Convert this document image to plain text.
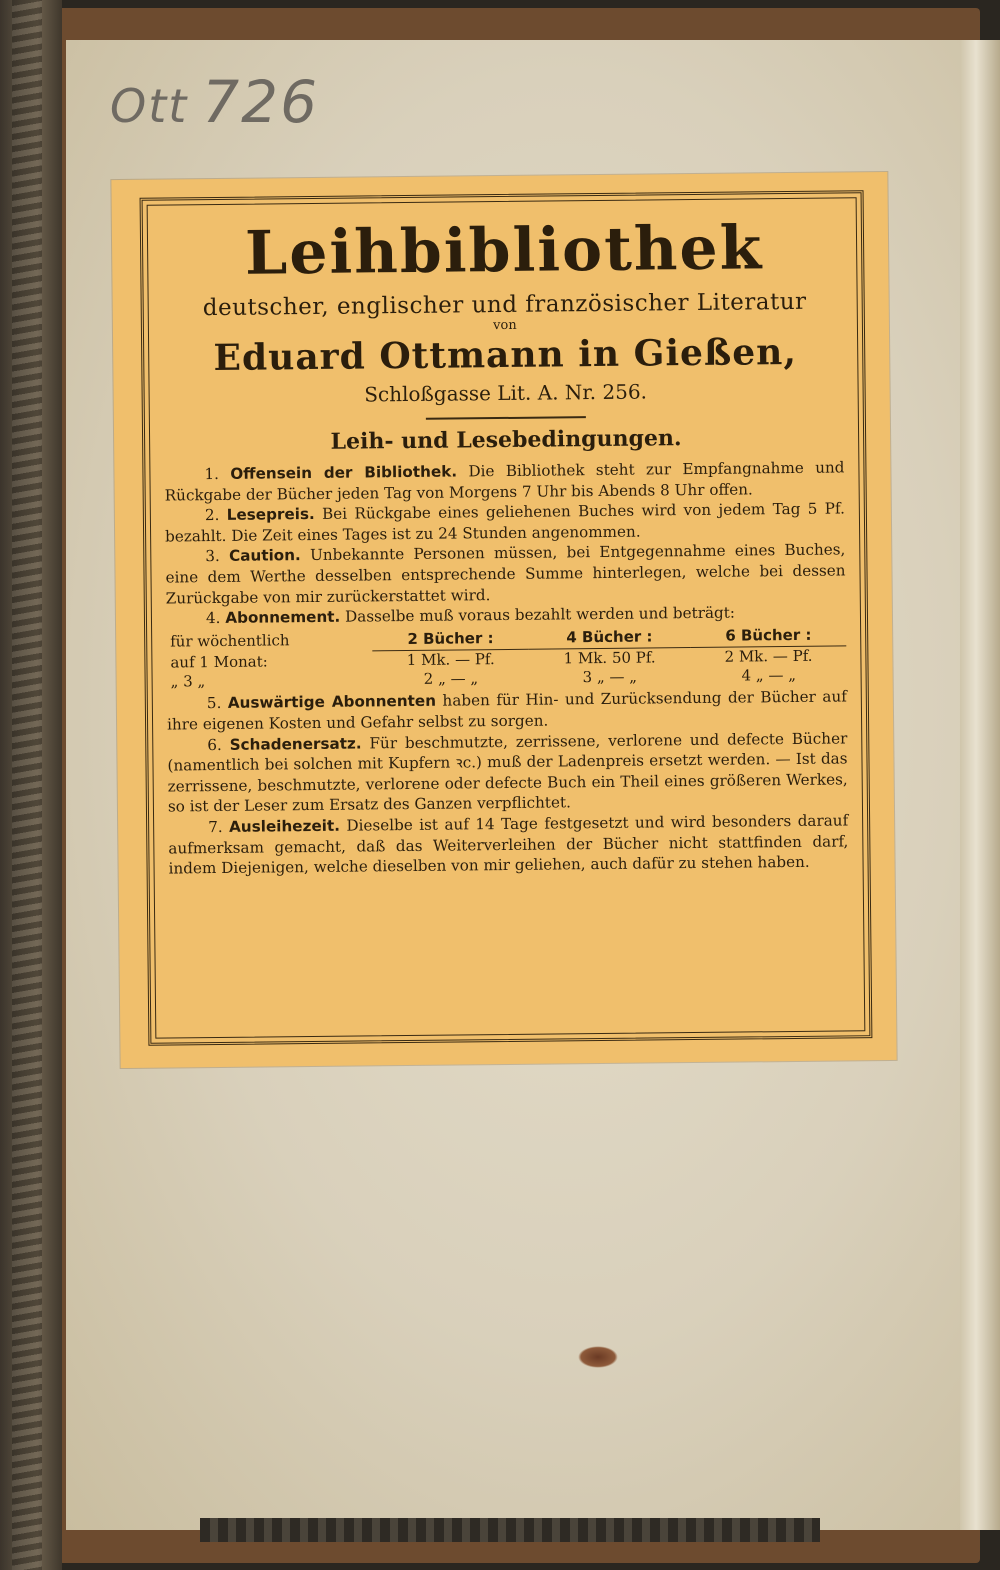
Ott 726
Leihbibliothek
deutscher, englischer und französischer Literatur
von
Eduard Ottmann in Gießen,
Schloßgasse Lit. A. Nr. 256.
Leih- und Lesebedingungen.

1. Offensein der Bibliothek. Die Bibliothek steht zur Empfangnahme und Rückgabe der Bücher jeden Tag von Morgens 7 Uhr bis Abends 8 Uhr offen.

2. Lesepreis. Bei Rückgabe eines geliehenen Buches wird von jedem Tag 5 Pf. bezahlt. Die Zeit eines Tages ist zu 24 Stunden angenommen.

3. Caution. Unbekannte Personen müssen, bei Entgegennahme eines Buches, eine dem Werthe desselben entsprechende Summe hinterlegen, welche bei dessen Zurückgabe von mir zurückerstattet wird.

4. Abonnement. Dasselbe muß voraus bezahlt werden und beträgt:

für wöchentlich	2 Bücher :	4 Bücher :	6 Bücher :
auf 1 Monat:	1 Mk. — Pf.	1 Mk. 50 Pf.	2 Mk. — Pf.
„ 3 „	2 „ — „	3 „ — „	4 „ — „

5. Auswärtige Abonnenten haben für Hin- und Zurücksendung der Bücher auf ihre eigenen Kosten und Gefahr selbst zu sorgen.

6. Schadenersatz. Für beschmutzte, zerrissene, verlorene und defecte Bücher (namentlich bei solchen mit Kupfern ꝛc.) muß der Ladenpreis ersetzt werden. — Ist das zerrissene, beschmutzte, verlorene oder defecte Buch ein Theil eines größeren Werkes, so ist der Leser zum Ersatz des Ganzen verpflichtet.

7. Ausleihezeit. Dieselbe ist auf 14 Tage festgesetzt und wird besonders darauf aufmerksam gemacht, daß das Weiterverleihen der Bücher nicht stattfinden darf, indem Diejenigen, welche dieselben von mir geliehen, auch dafür zu stehen haben.
